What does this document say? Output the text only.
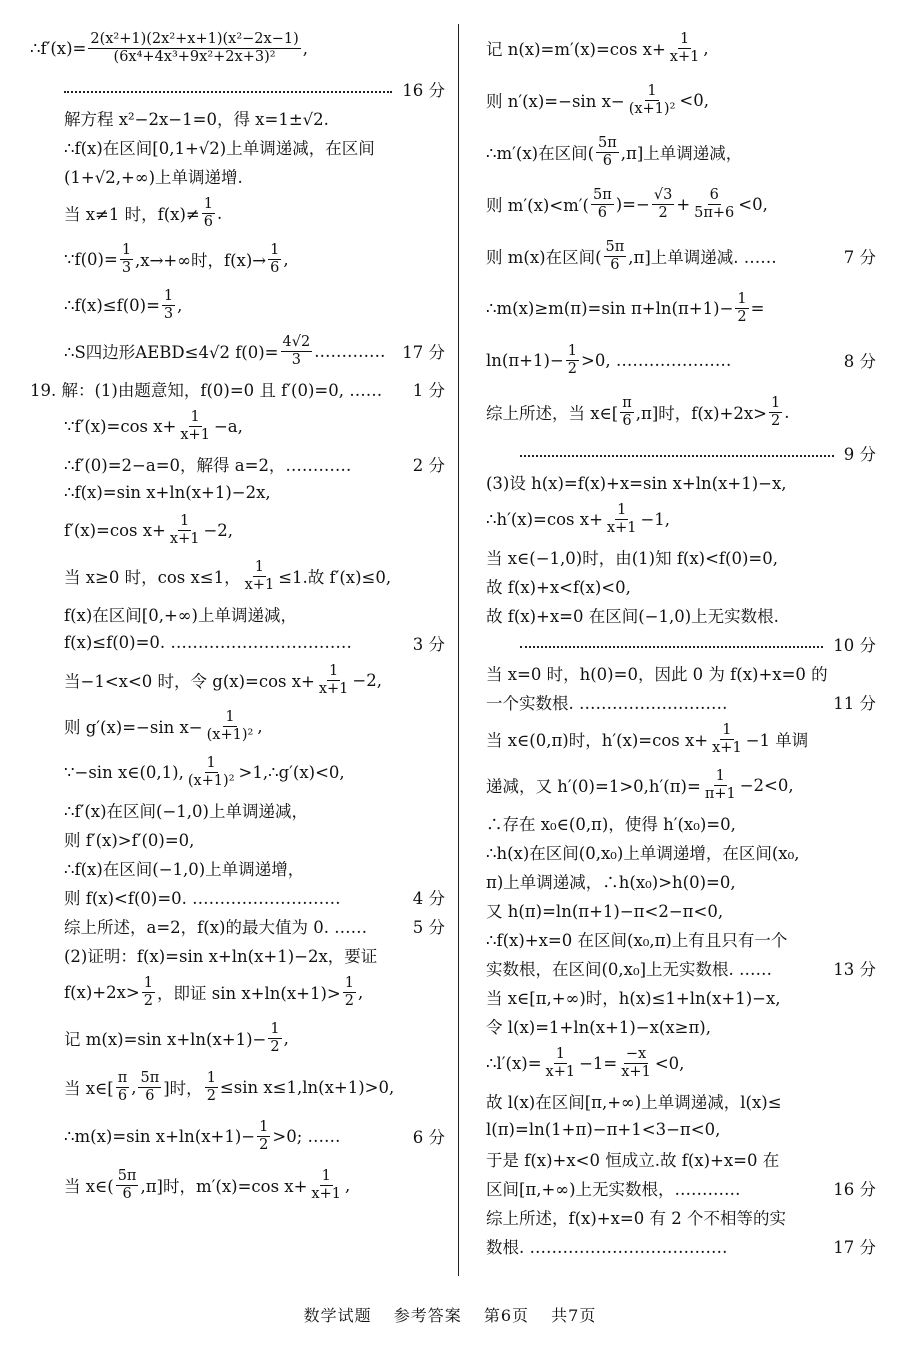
∴f′(x)= $\frac{\text{2(x²+1)(2x²+x+1)(x²−2x−1)}}{\text{(6x⁴+4x³+9x²+2x+3)²}}$ ,
16 分
解方程 x²−2x−1=0，得 x=1±√2.
∴f(x)在区间[0,1+√2)上单调递减，在区间
(1+√2,+∞)上单调递增.
当 x≠1 时，$f(x)\ne \frac{1}{6}$ .
∵f(0)= $\frac{1}{3} ,x\to+\infty$时，$f(x)\to \frac{1}{6}$ ,
∴f(x)≤f(0)= $\frac{1}{3}$ ,
∴S四边形AEBD≤4√2 $f(0)= \frac{4√2}{3}$ .…………	17 分
19. 解：(1)由题意知，f(0)=0 且 f′(0)=0, ……	1 分
∵f′(x)=cos $x+ \frac{1}{x+1} -a$,
∴f′(0)=2−a=0，解得 a=2，…………	2 分
∴f(x)=sin x+ln(x+1)−2x,
f′(x)=cos $x+ \frac{1}{x+1} -2$,
当 x≥0 时，cos x≤1， $\frac{1}{x+1} \le 1$.故 f′(x)≤0,
f(x)在区间[0,+∞)上单调递减，
f(x)≤f(0)=0. ……………………………	3 分
当−1<x<0 时，令 g(x)=cos $x+ \frac{1}{x+1} -2$,
则 g′(x)=−sin $x- \frac{1}{\text{(x+1)²}}$ ,
∵−sin x∈(0,1), $\frac{1}{\text{(x+1)²}}$ >1,∴g′(x)<0,
∴f′(x)在区间(−1,0)上单调递减，
则 f′(x)>f′(0)=0,
∴f(x)在区间(−1,0)上单调递增，
则 f(x)<f(0)=0. ………………………	4 分
综上所述，a=2，f(x)的最大值为 0. ……	5 分
(2)证明：f(x)=sin x+ln(x+1)−2x，要证
$f(x)+2x> \frac{1}{2}$ ，即证 $\sin x+\ln(x+1)> \frac{1}{2}$ ,
记 m(x)=sin $x+\ln(x+1)- \frac{1}{2}$ ,
当 x∈[ $\frac{\pi}{6}$ , $\frac{5\pi}{6}$ ]时， $\frac{1}{2} \le\sin$ x≤1,ln(x+1)>0,
∴m(x)=sin $x+\ln(x+1)- \frac{1}{2} >0$; ……	6 分
当 x∈( $\frac{5\pi}{6} ,\pi$]时，m′(x)=cos $x+ \frac{1}{x+1}$ ,
记 n(x)=m′(x)=cos $x+ \frac{1}{x+1}$ ,
则 n′(x)=−sin $x- \frac{1}{\text{(x+1)²}} <0$,
∴m′(x)在区间( $\frac{5\pi}{6} ,\pi$]上单调递减，
则 $m'(x)<m'( \frac{5\pi}{6}$ )=− $\frac{√3}{2} + \frac{6}{5\pi+6} <0$,
则 m(x)在区间( $\frac{5\pi}{6} ,\pi$]上单调递减. ……	7 分
∴m(x)≥m(π)=sin $\pi+\ln(\pi+1)- \frac{1}{2}$ =
$\ln(\pi+1)- \frac{1}{2} >0$, …………………	8 分
综上所述，当 x∈[ $\frac{\pi}{6} ,\pi$]时，$f(x)+2x> \frac{1}{2}$ .
9 分
(3)设 h(x)=f(x)+x=sin x+ln(x+1)−x,
∴h′(x)=cos $x+ \frac{1}{x+1} -1$,
当 x∈(−1,0)时，由(1)知 f(x)<f(0)=0,
故 f(x)+x<f(x)<0,
故 f(x)+x=0 在区间(−1,0)上无实数根.
10 分
当 x=0 时，h(0)=0，因此 0 为 f(x)+x=0 的
一个实数根. ………………………	11 分
当 x∈(0,π)时，h′(x)=cos $x+ \frac{1}{x+1} -1$ 单调
递减，又 $h'(0)=1>0,h'(\pi)= \frac{1}{\pi+1} -2<0$,
∴存在 x₀∈(0,π)，使得 h′(x₀)=0,
∴h(x)在区间(0,x₀)上单调递增，在区间(x₀,
π)上单调递减，∴h(x₀)>h(0)=0,
又 h(π)=ln(π+1)−π<2−π<0,
∴f(x)+x=0 在区间(x₀,π)上有且只有一个
实数根，在区间(0,x₀]上无实数根. ……	13 分
当 x∈[π,+∞)时，h(x)≤1+ln(x+1)−x,
令 l(x)=1+ln(x+1)−x(x≥π),
∴l′(x)= $\frac{1}{x+1} -1= \frac{-x}{x+1} <0$,
故 l(x)在区间[π,+∞)上单调递减，l(x)≤
l(π)=ln(1+π)−π+1<3−π<0,
于是 f(x)+x<0 恒成立.故 f(x)+x=0 在
区间[π,+∞)上无实数根，…………	16 分
综上所述，f(x)+x=0 有 2 个不相等的实
数根. ………………………………	17 分
数学试题 参考答案 第6页 共7页
